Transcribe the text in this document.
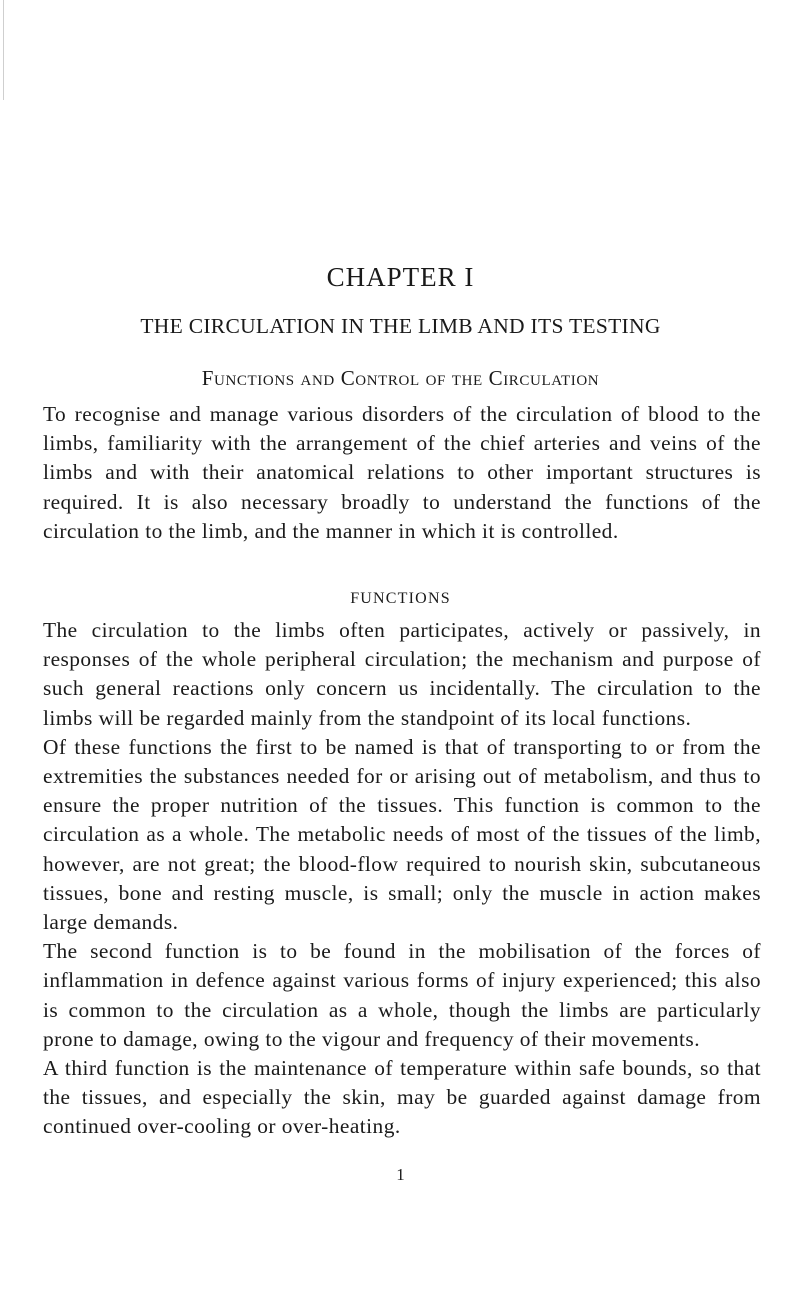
CHAPTER I
THE CIRCULATION IN THE LIMB AND ITS TESTING
Functions and Control of the Circulation

To recognise and manage various disorders of the circulation of blood to the limbs, familiarity with the arrangement of the chief arteries and veins of the limbs and with their anatomical relations to other important structures is required. It is also necessary broadly to understand the functions of the circulation to the limb, and the manner in which it is controlled.

FUNCTIONS

The circulation to the limbs often participates, actively or passively, in responses of the whole peripheral circulation; the mechanism and purpose of such general reactions only concern us incidentally. The circulation to the limbs will be regarded mainly from the standpoint of its local functions.

Of these functions the first to be named is that of transporting to or from the extremities the substances needed for or arising out of metabolism, and thus to ensure the proper nutrition of the tissues. This function is common to the circulation as a whole. The metabolic needs of most of the tissues of the limb, however, are not great; the blood-flow required to nourish skin, subcutaneous tissues, bone and resting muscle, is small; only the muscle in action makes large demands.

The second function is to be found in the mobilisation of the forces of inflammation in defence against various forms of injury experienced; this also is common to the circulation as a whole, though the limbs are particularly prone to damage, owing to the vigour and frequency of their movements.

A third function is the maintenance of temperature within safe bounds, so that the tissues, and especially the skin, may be guarded against damage from continued over-cooling or over-heating.

1
